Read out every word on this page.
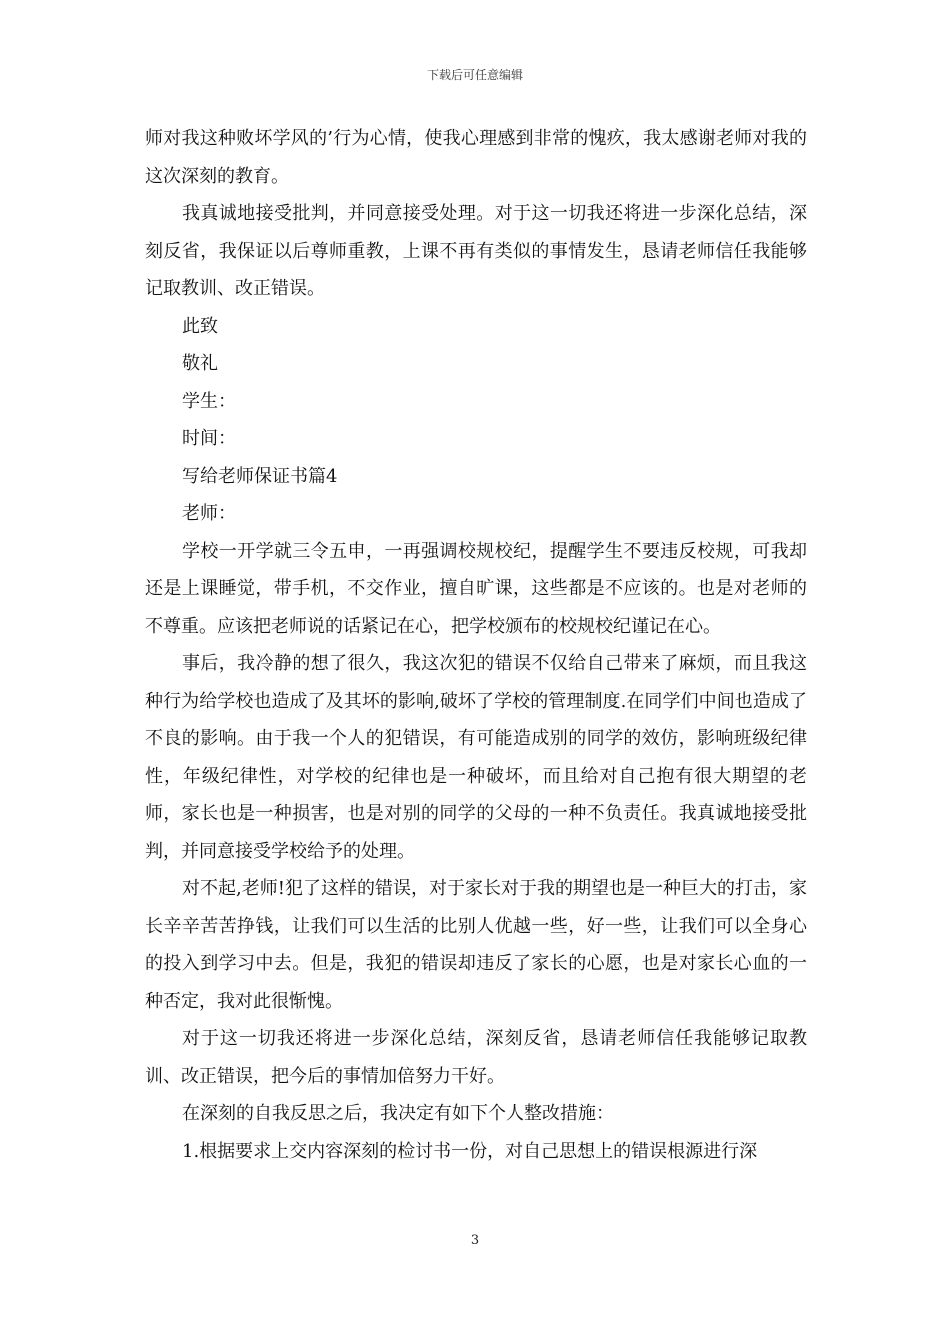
下载后可任意编辑

师对我这种败坏学风的’行为心情，使我心理感到非常的愧疚，我太感谢老师对我的这次深刻的教育。

我真诚地接受批判，并同意接受处理。对于这一切我还将进一步深化总结，深刻反省，我保证以后尊师重教，上课不再有类似的事情发生，恳请老师信任我能够记取教训、改正错误。

此致

敬礼

学生：

时间：

写给老师保证书篇4

老师：

学校一开学就三令五申，一再强调校规校纪，提醒学生不要违反校规，可我却还是上课睡觉，带手机，不交作业，擅自旷课，这些都是不应该的。也是对老师的不尊重。应该把老师说的话紧记在心，把学校颁布的校规校纪谨记在心。

事后，我冷静的想了很久，我这次犯的错误不仅给自己带来了麻烦，而且我这种行为给学校也造成了及其坏的影响,破坏了学校的管理制度.在同学们中间也造成了不良的影响。由于我一个人的犯错误，有可能造成别的同学的效仿，影响班级纪律性，年级纪律性，对学校的纪律也是一种破坏，而且给对自己抱有很大期望的老师，家长也是一种损害，也是对别的同学的父母的一种不负责任。我真诚地接受批判，并同意接受学校给予的处理。

对不起,老师!犯了这样的错误，对于家长对于我的期望也是一种巨大的打击，家长辛辛苦苦挣钱，让我们可以生活的比别人优越一些，好一些，让我们可以全身心的投入到学习中去。但是，我犯的错误却违反了家长的心愿，也是对家长心血的一种否定，我对此很惭愧。

对于这一切我还将进一步深化总结，深刻反省，恳请老师信任我能够记取教训、改正错误，把今后的事情加倍努力干好。

在深刻的自我反思之后，我决定有如下个人整改措施：

1.根据要求上交内容深刻的检讨书一份，对自己思想上的错误根源进行深

3
